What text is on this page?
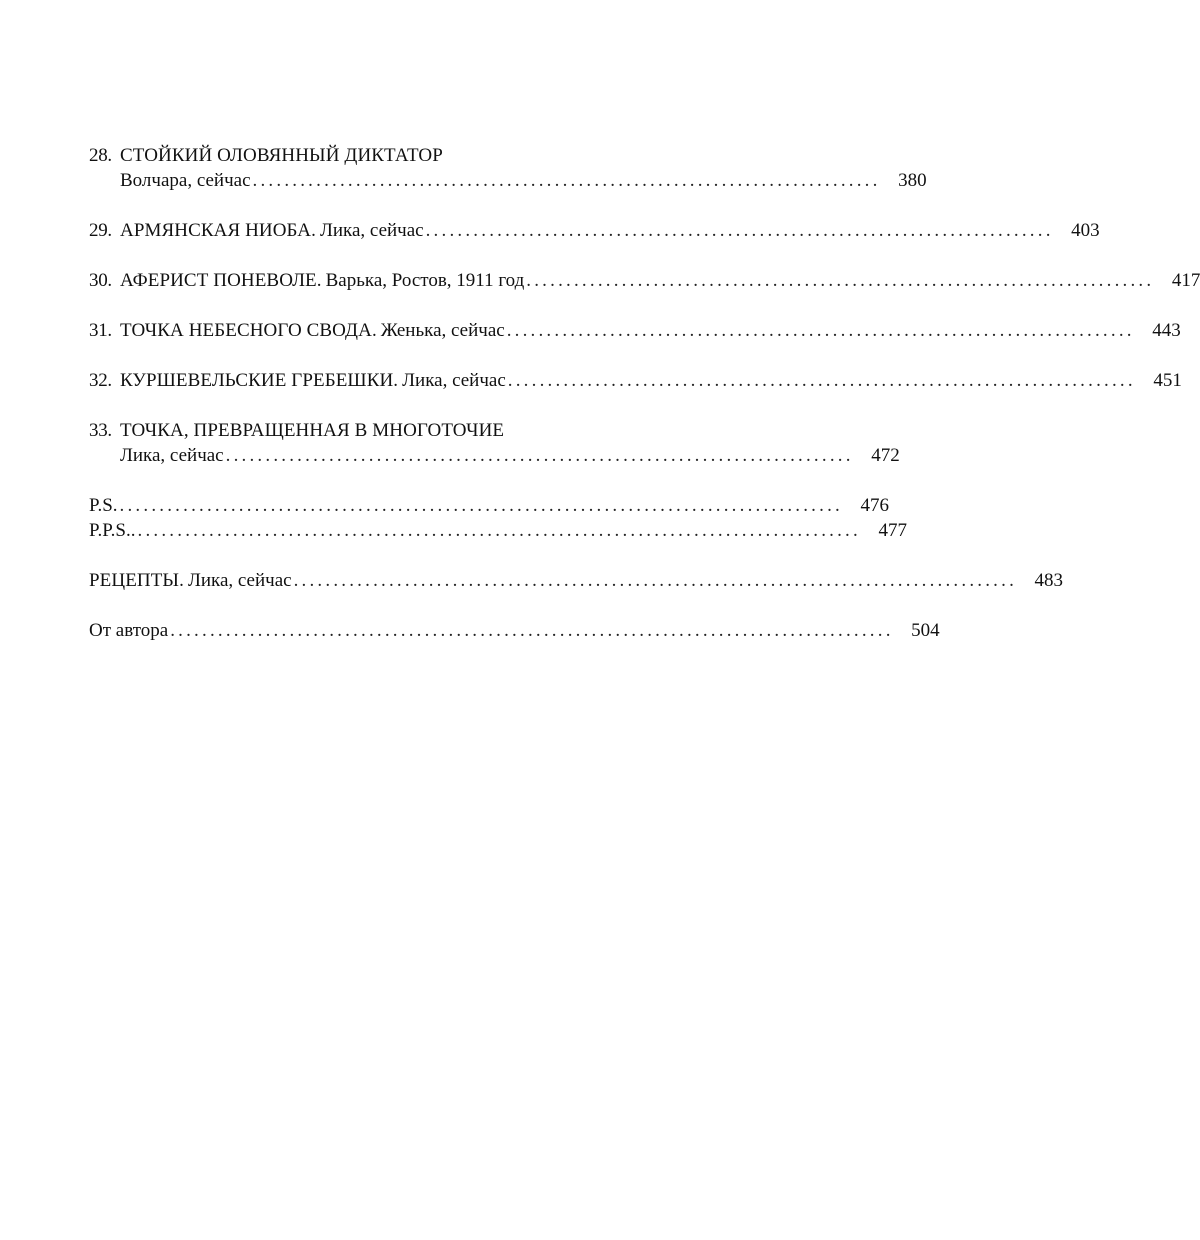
28. СТОЙКИЙ ОЛОВЯННЫЙ ДИКТАТОР
Волчара, сейчас ............................................................................... 380
29. АРМЯНСКАЯ НИОБА. Лика, сейчас ............................................................................... 403
30. АФЕРИСТ ПОНЕВОЛЕ. Варька, Ростов, 1911 год ............................................................................... 417
31. ТОЧКА НЕБЕСНОГО СВОДА. Женька, сейчас ............................................................................... 443
32. КУРШЕВЕЛЬСКИЕ ГРЕБЕШКИ. Лика, сейчас ............................................................................... 451
33. ТОЧКА, ПРЕВРАЩЕННАЯ В МНОГОТОЧИЕ
Лика, сейчас ............................................................................... 472
P.S. ........................................................................................... 476
P.P.S.. ........................................................................................... 477
РЕЦЕПТЫ. Лика, сейчас ........................................................................................... 483
От автора ........................................................................................... 504
